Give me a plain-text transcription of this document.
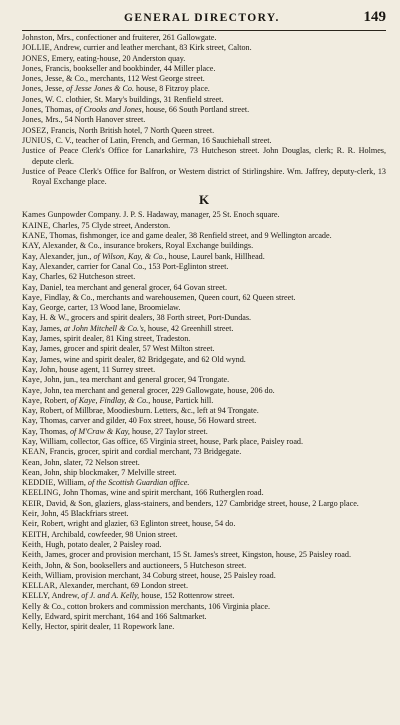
GENERAL DIRECTORY.	149
Johnston, Mrs., confectioner and fruiterer, 261 Gallowgate.
JOLLIE, Andrew, currier and leather merchant, 83 Kirk street, Calton.
JONES, Emery, eating-house, 20 Anderston quay.
Jones, Francis, bookseller and bookbinder, 44 Miller place.
Jones, Jesse, & Co., merchants, 112 West George street.
Jones, Jesse, of Jesse Jones & Co. house, 8 Fitzroy place.
Jones, W. C. clothier, St. Mary's buildings, 31 Renfield street.
Jones, Thomas, of Crooks and Jones, house, 66 South Portland street.
Jones, Mrs., 54 North Hanover street.
JOSEZ, Francis, North British hotel, 7 North Queen street.
JUNIUS, C. V., teacher of Latin, French, and German, 16 Sauchiehall street.
Justice of Peace Clerk's Office for Lanarkshire, 73 Hutcheson street. John Douglas, clerk; R. R. Holmes, depute clerk.
Justice of Peace Clerk's Office for Balfron, or Western district of Stirlingshire. Wm. Jaffrey, deputy-clerk, 13 Royal Exchange place.
K
Kames Gunpowder Company. J. P. S. Hadaway, manager, 25 St. Enoch square.
KAINE, Charles, 75 Clyde street, Anderston.
KANE, Thomas, fishmonger, ice and game dealer, 38 Renfield street, and 9 Wellington arcade.
KAY, Alexander, & Co., insurance brokers, Royal Exchange buildings.
Kay, Alexander, jun., of Wilson, Kay, & Co., house, Laurel bank, Hillhead.
Kay, Alexander, carrier for Canal Co., 153 Port-Eglinton street.
Kay, Charles, 62 Hutcheson street.
Kay, Daniel, tea merchant and general grocer, 64 Govan street.
Kaye, Findlay, & Co., merchants and warehousemen, Queen court, 62 Queen street.
Kay, George, carter, 13 Wood lane, Broomielaw.
Kay, H. & W., grocers and spirit dealers, 38 Forth street, Port-Dundas.
Kay, James, at John Mitchell & Co.'s, house, 42 Greenhill street.
Kay, James, spirit dealer, 81 King street, Tradeston.
Kay, James, grocer and spirit dealer, 57 West Milton street.
Kay, James, wine and spirit dealer, 82 Bridgegate, and 62 Old wynd.
Kay, John, house agent, 11 Surrey street.
Kaye, John, jun., tea merchant and general grocer, 94 Trongate.
Kaye, John, tea merchant and general grocer, 229 Gallowgate, house, 206 do.
Kaye, Robert, of Kaye, Findlay, & Co., house, Partick hill.
Kay, Robert, of Millbrae, Moodiesburn. Letters, &c., left at 94 Trongate.
Kay, Thomas, carver and gilder, 40 Fox street, house, 56 Howard street.
Kay, Thomas, of M'Craw & Kay, house, 27 Taylor street.
Kay, William, collector, Gas office, 65 Virginia street, house, Park place, Paisley road.
KEAN, Francis, grocer, spirit and cordial merchant, 73 Bridgegate.
Kean, John, slater, 72 Nelson street.
Kean, John, ship blockmaker, 7 Melville street.
KEDDIE, William, of the Scottish Guardian office.
KEELING, John Thomas, wine and spirit merchant, 166 Rutherglen road.
KEIR, David, & Son, glaziers, glass-stainers, and benders, 127 Cambridge street, house, 2 Largo place.
Keir, John, 45 Blackfriars street.
Keir, Robert, wright and glazier, 63 Eglinton street, house, 54 do.
KEITH, Archibald, cowfeeder, 98 Union street.
Keith, Hugh, potato dealer, 2 Paisley road.
Keith, James, grocer and provision merchant, 15 St. James's street, Kingston, house, 25 Paisley road.
Keith, John, & Son, booksellers and auctioneers, 5 Hutcheson street.
Keith, William, provision merchant, 34 Coburg street, house, 25 Paisley road.
KELLAR, Alexander, merchant, 69 London street.
KELLY, Andrew, of J. and A. Kelly, house, 152 Rottenrow street.
Kelly & Co., cotton brokers and commission merchants, 106 Virginia place.
Kelly, Edward, spirit merchant, 164 and 166 Saltmarket.
Kelly, Hector, spirit dealer, 11 Ropework lane.
